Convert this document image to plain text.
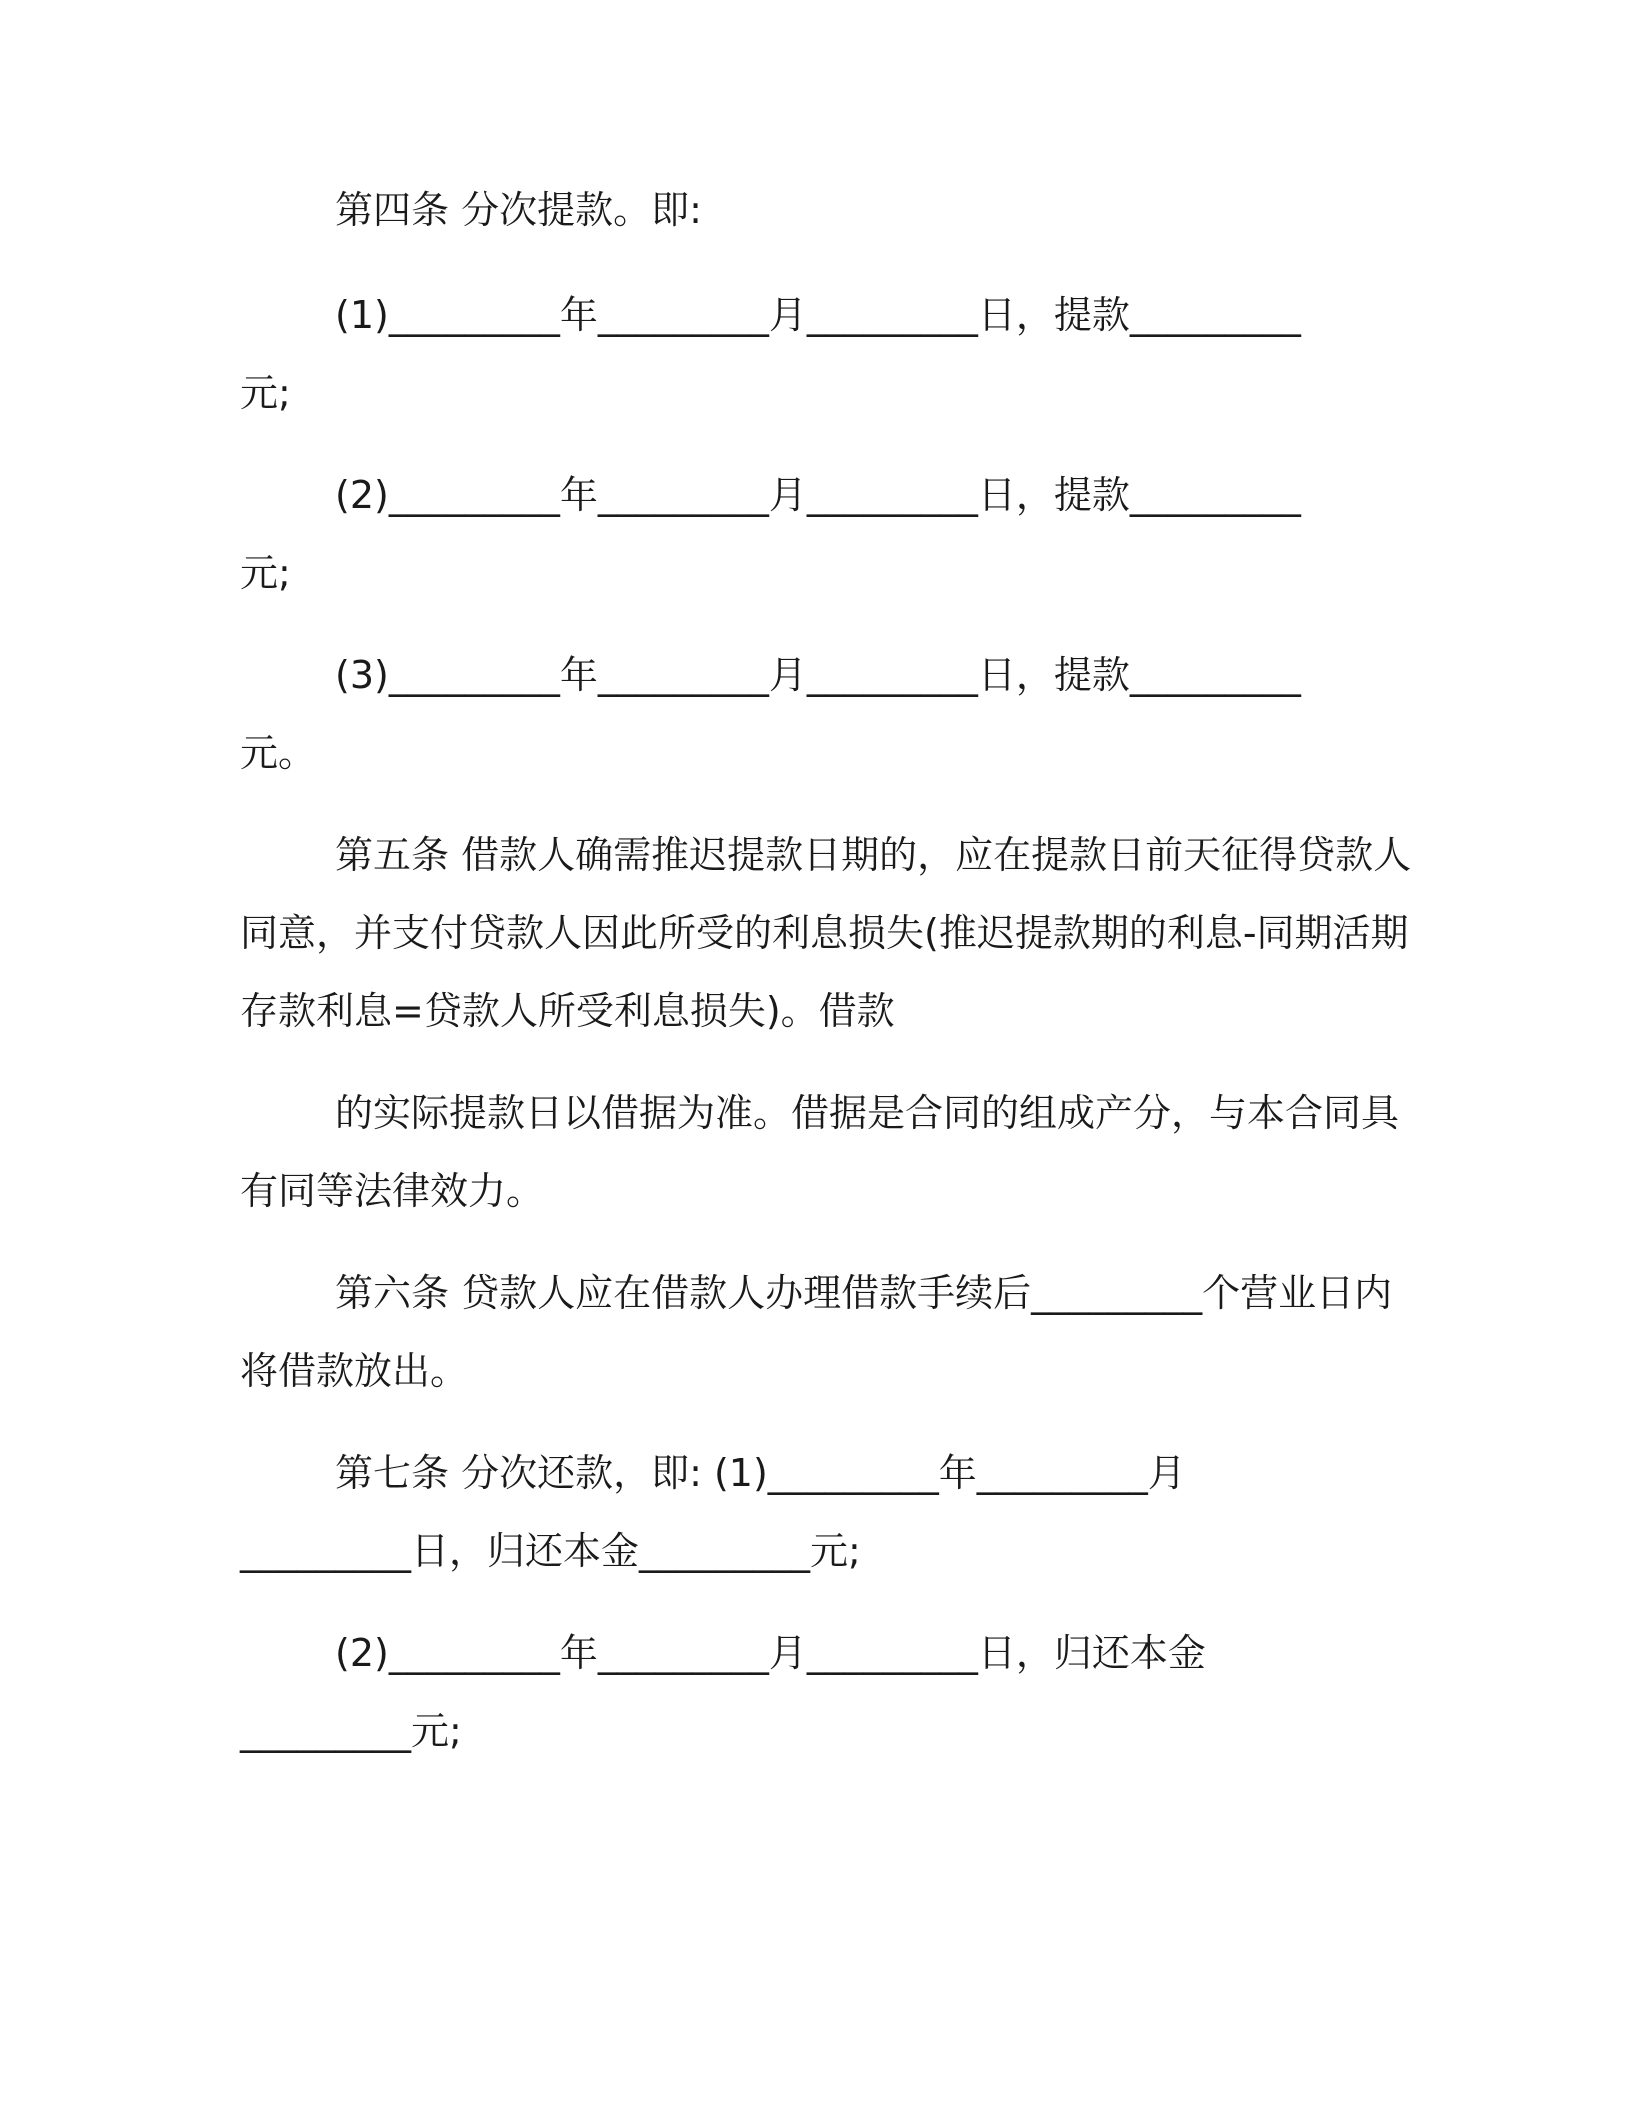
第四条 分次提款。即:
(1)_________年_________月_________日，提款_________
元;
(2)_________年_________月_________日，提款_________
元;
(3)_________年_________月_________日，提款_________
元。
第五条 借款人确需推迟提款日期的，应在提款日前天征得贷款人
同意，并支付贷款人因此所受的利息损失(推迟提款期的利息-同期活期
存款利息=贷款人所受利息损失)。借款
的实际提款日以借据为准。借据是合同的组成产分，与本合同具
有同等法律效力。
第六条 贷款人应在借款人办理借款手续后_________个营业日内
将借款放出。
第七条 分次还款，即: (1)_________年_________月
_________日，归还本金_________元;
(2)_________年_________月_________日，归还本金
_________元;
